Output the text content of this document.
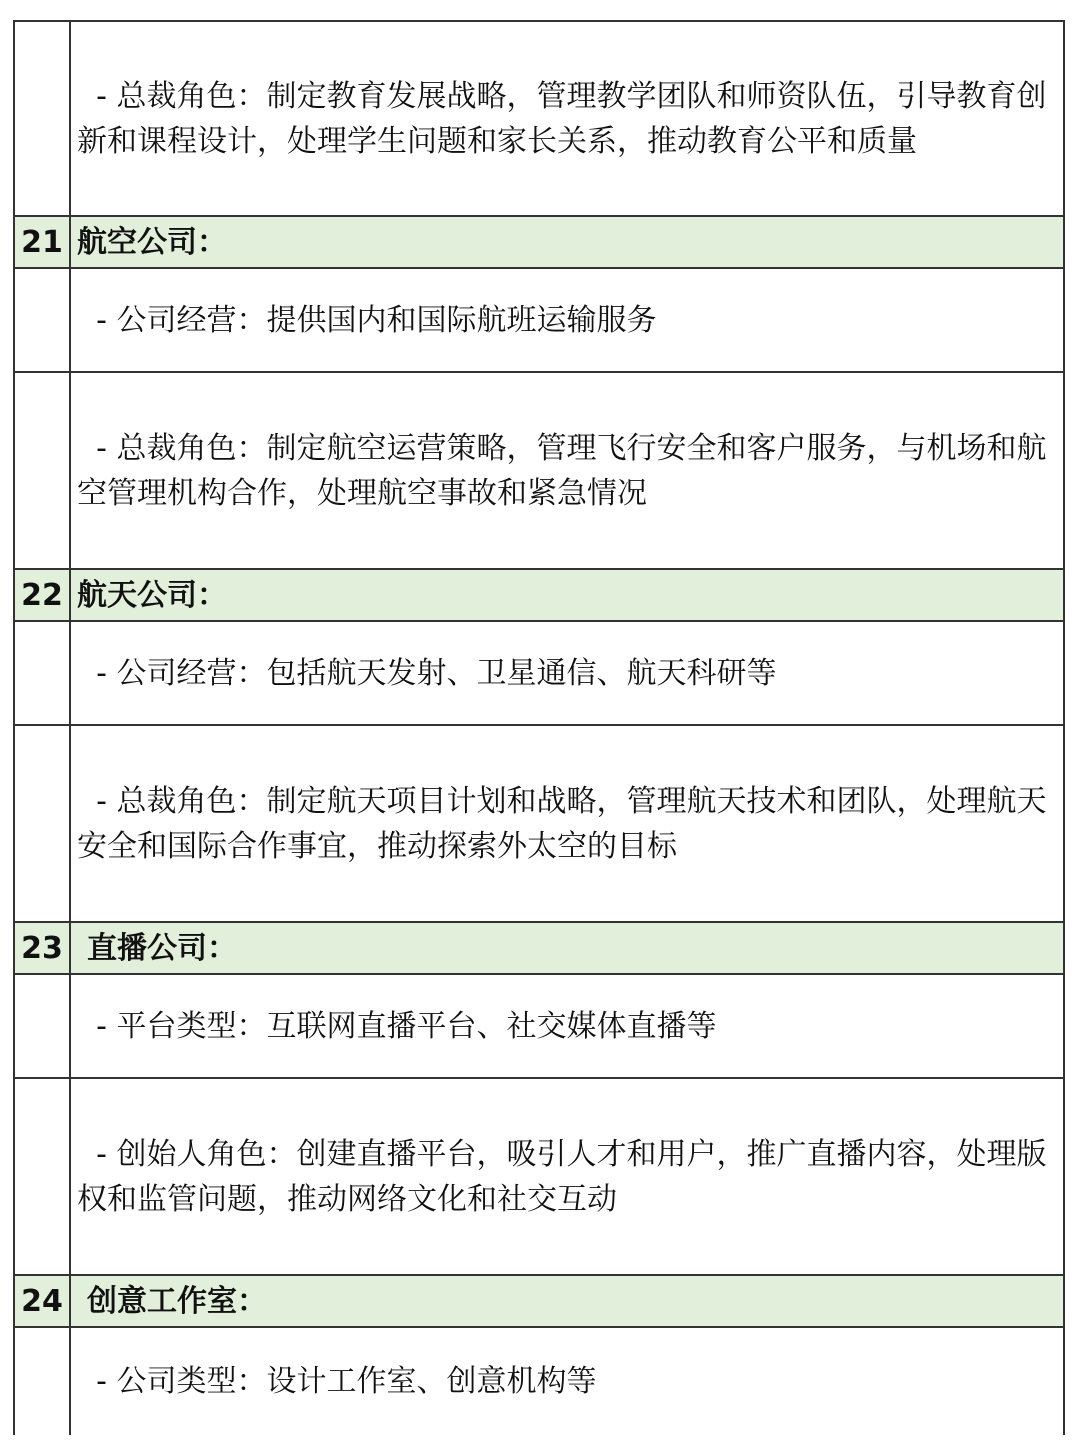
- 总裁角色：制定教育发展战略，管理教学团队和师资队伍，引导教育创新和课程设计，处理学生问题和家长关系，推动教育公平和质量
21 航空公司：
- 公司经营：提供国内和国际航班运输服务
- 总裁角色：制定航空运营策略，管理飞行安全和客户服务，与机场和航空管理机构合作，处理航空事故和紧急情况
22 航天公司：
- 公司经营：包括航天发射、卫星通信、航天科研等
- 总裁角色：制定航天项目计划和战略，管理航天技术和团队，处理航天安全和国际合作事宜，推动探索外太空的目标
23 直播公司：
- 平台类型：互联网直播平台、社交媒体直播等
- 创始人角色：创建直播平台，吸引人才和用户，推广直播内容，处理版权和监管问题，推动网络文化和社交互动
24 创意工作室：
- 公司类型：设计工作室、创意机构等
